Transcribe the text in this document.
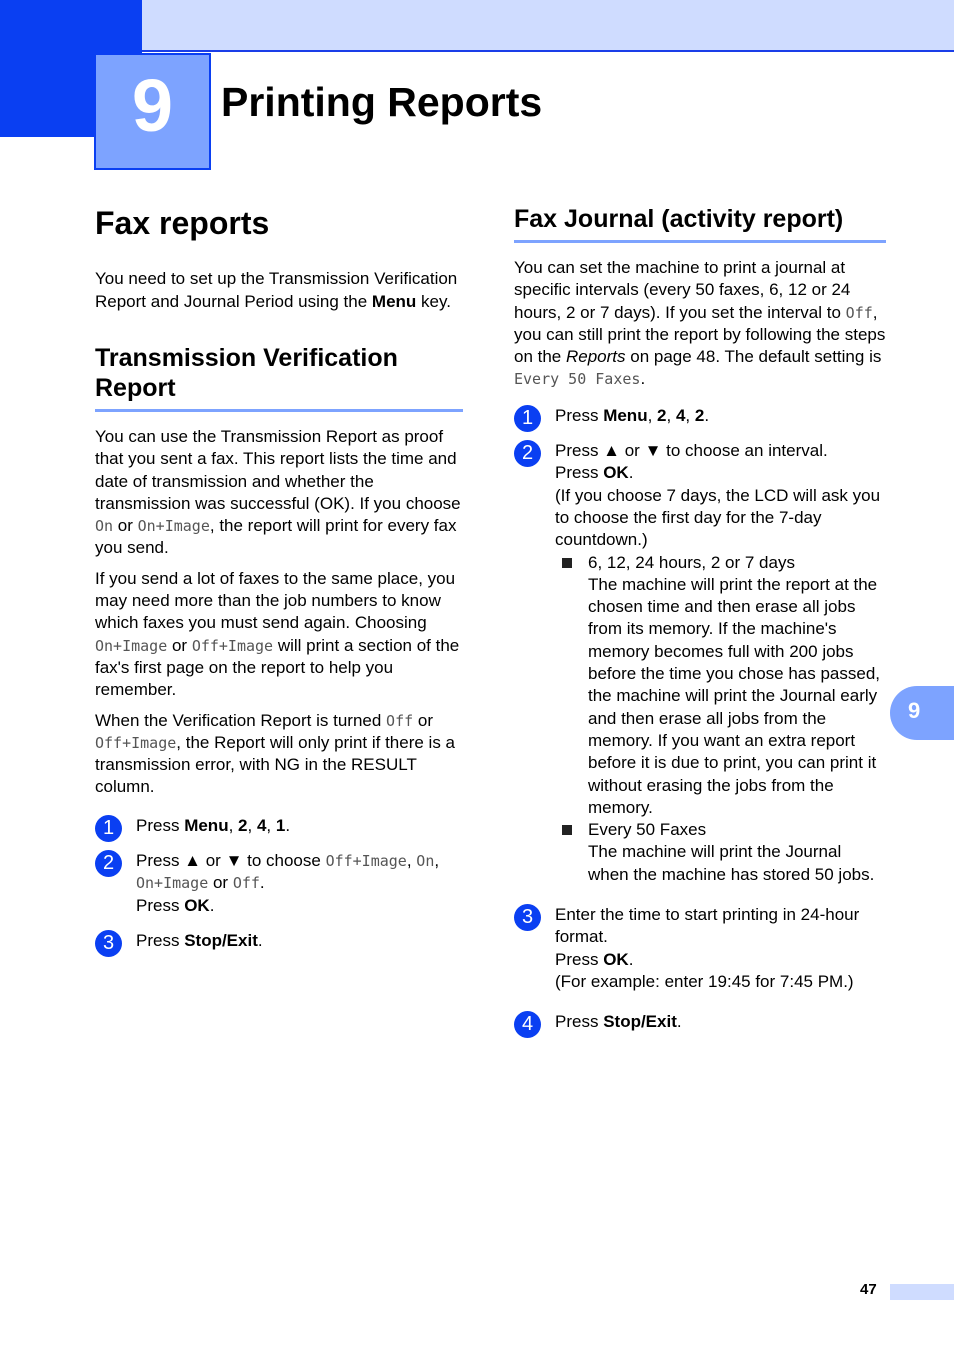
9	Printing Reports
9
47
Fax reports

You need to set up the Transmission Verification Report and Journal Period using the Menu key.

Transmission Verification Report

You can use the Transmission Report as proof that you sent a fax. This report lists the time and date of transmission and whether the transmission was successful (OK). If you choose On or On+Image, the report will print for every fax you send.

If you send a lot of faxes to the same place, you may need more than the job numbers to know which faxes you must send again. Choosing On+Image or Off+Image will print a section of the fax's first page on the report to help you remember.

When the Verification Report is turned Off or Off+Image, the Report will only print if there is a transmission error, with NG in the RESULT column.

1	Press Menu, 2, 4, 1.
2	Press ▲ or ▼ to choose Off+Image, On, On+Image or Off.
Press OK.
3	Press Stop/Exit.
Fax Journal (activity report)

You can set the machine to print a journal at specific intervals (every 50 faxes, 6, 12 or 24 hours, 2 or 7 days). If you set the interval to Off, you can still print the report by following the steps on the Reports on page 48. The default setting is Every 50 Faxes.

1	Press Menu, 2, 4, 2.
2	Press ▲ or ▼ to choose an interval.
Press OK.
(If you choose 7 days, the LCD will ask you to choose the first day for the 7-day countdown.)
6, 12, 24 hours, 2 or 7 days
The machine will print the report at the chosen time and then erase all jobs from its memory. If the machine's memory becomes full with 200 jobs before the time you chose has passed, the machine will print the Journal early and then erase all jobs from the memory. If you want an extra report before it is due to print, you can print it without erasing the jobs from the memory.
Every 50 Faxes
The machine will print the Journal when the machine has stored 50 jobs.
3	Enter the time to start printing in 24-hour format.
Press OK.
(For example: enter 19:45 for 7:45 PM.)
4	Press Stop/Exit.
